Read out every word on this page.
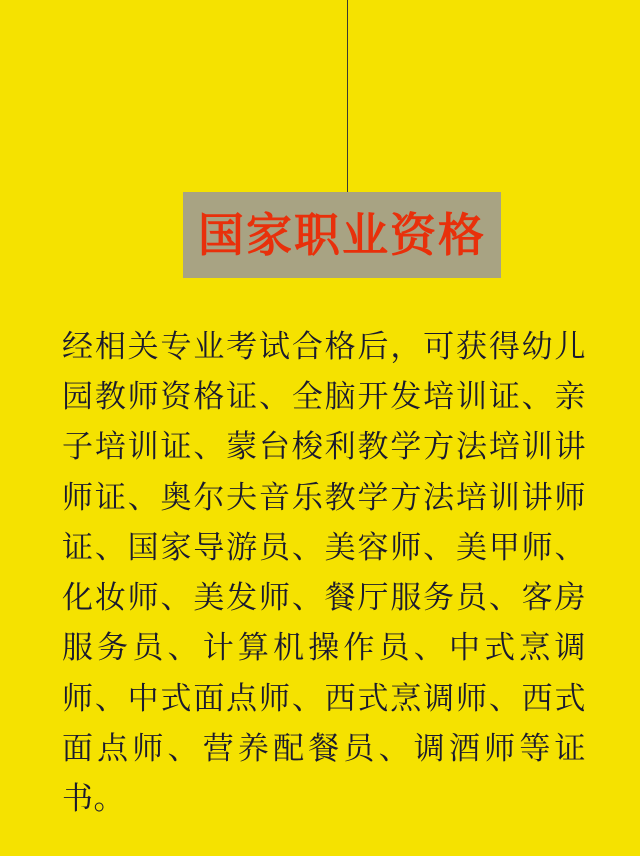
国家职业资格
经相关专业考试合格后，可获得幼儿园教师资格证、全脑开发培训证、亲子培训证、蒙台梭利教学方法培训讲师证、奥尔夫音乐教学方法培训讲师证、国家导游员、美容师、美甲师、化妆师、美发师、餐厅服务员、客房服务员、计算机操作员、中式烹调师、中式面点师、西式烹调师、西式面点师、营养配餐员、调酒师等证书。
